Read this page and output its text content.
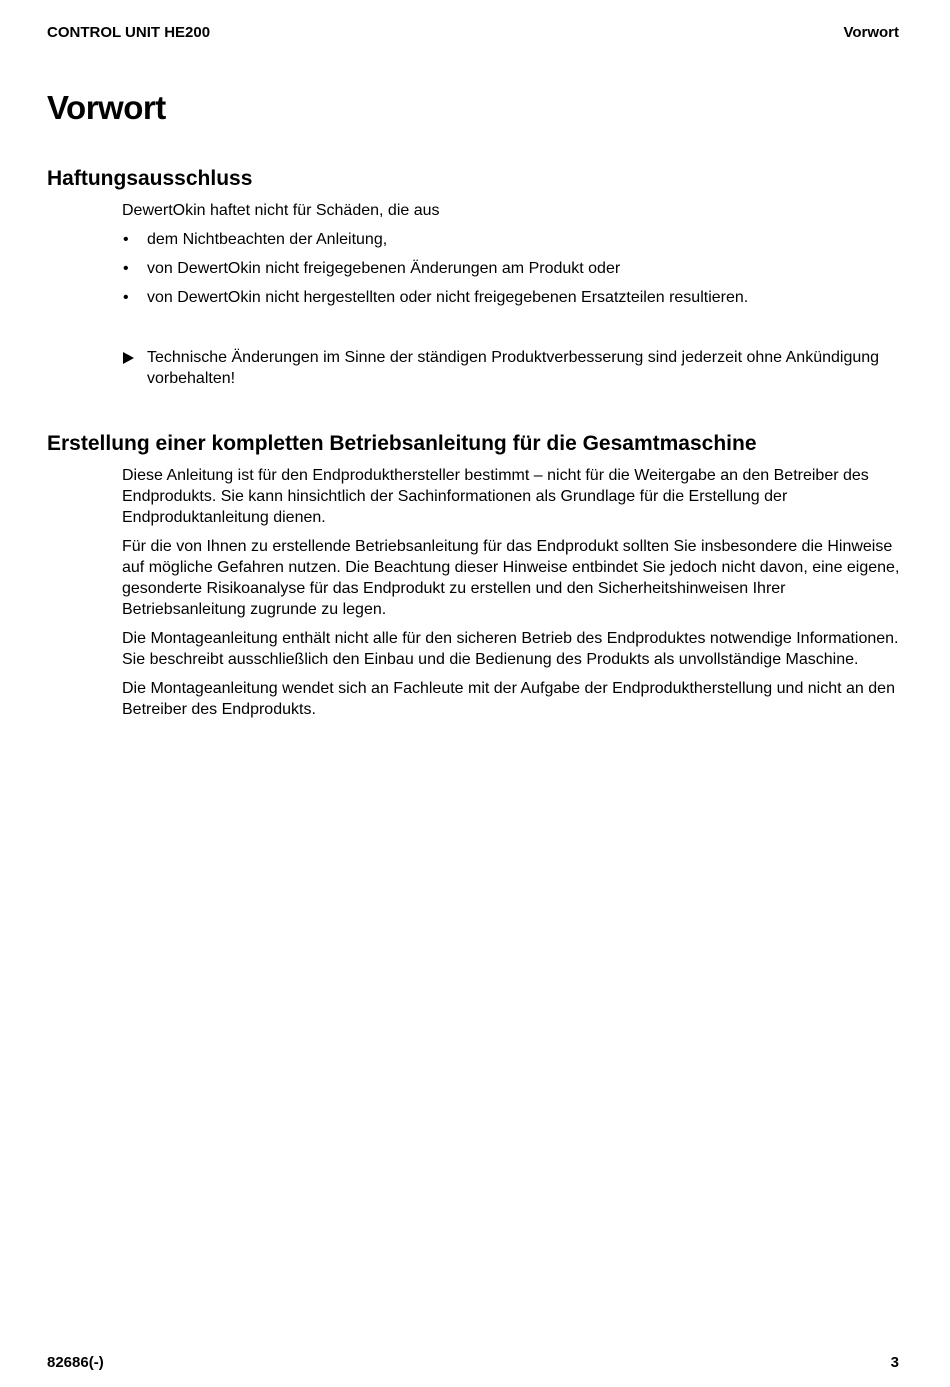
CONTROL UNIT HE200	Vorwort
Vorwort
Haftungsausschluss

DewertOkin haftet nicht für Schäden, die aus

• dem Nichtbeachten der Anleitung,
• von DewertOkin nicht freigegebenen Änderungen am Produkt oder
• von DewertOkin nicht hergestellten oder nicht freigegebenen Ersatzteilen resultieren.
Technische Änderungen im Sinne der ständigen Produktverbesserung sind jederzeit ohne Ankündigung vorbehalten!
Erstellung einer kompletten Betriebsanleitung für die Gesamtmaschine

Diese Anleitung ist für den Endprodukthersteller bestimmt – nicht für die Weitergabe an den Betreiber des Endprodukts. Sie kann hinsichtlich der Sachinformationen als Grundlage für die Erstellung der Endproduktanleitung dienen.

Für die von Ihnen zu erstellende Betriebsanleitung für das Endprodukt sollten Sie insbesondere die Hinweise auf mögliche Gefahren nutzen. Die Beachtung dieser Hinweise entbindet Sie jedoch nicht davon, eine eigene, gesonderte Risikoanalyse für das Endprodukt zu erstellen und den Sicherheitshinweisen Ihrer Betriebsanleitung zugrunde zu legen.

Die Montageanleitung enthält nicht alle für den sicheren Betrieb des Endproduktes notwendige Informationen. Sie beschreibt ausschließlich den Einbau und die Bedienung des Produkts als unvollständige Maschine.

Die Montageanleitung wendet sich an Fachleute mit der Aufgabe der Endproduktherstellung und nicht an den Betreiber des Endprodukts.

82686(-)	3
